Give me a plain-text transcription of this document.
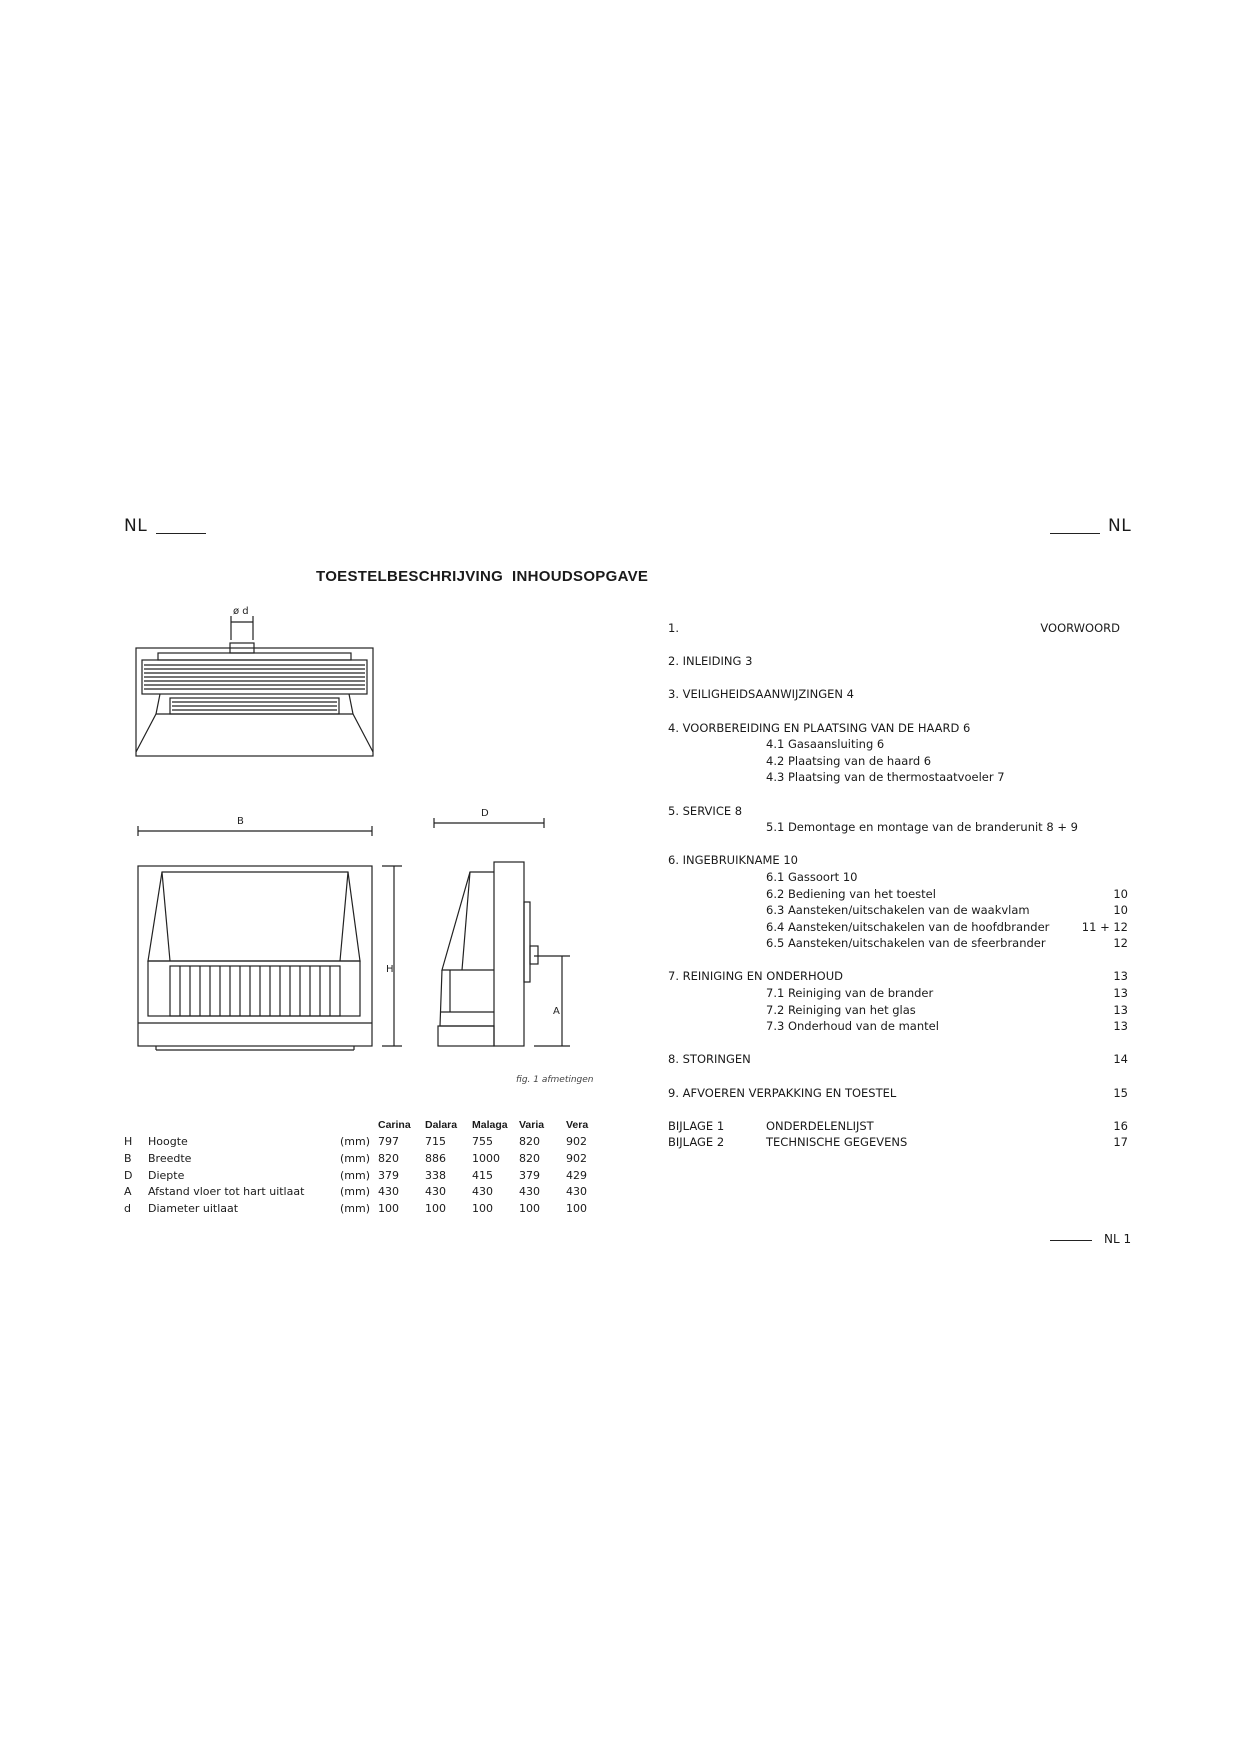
NL	NL
TOESTELBESCHRIJVING  INHOUDSOPGAVE
ø d
B
D
H
A
fig. 1 afmetingen
			Carina	Dalara	Malaga	Varia	Vera
H	Hoogte	(mm)	797	715	755	820	902
B	Breedte	(mm)	820	886	1000	820	902
D	Diepte	(mm)	379	338	415	379	429
A	Afstand vloer tot hart uitlaat	(mm)	430	430	430	430	430
d	Diameter uitlaat	(mm)	100	100	100	100	100
1.	VOORWOORD
2. INLEIDING 3
3. VEILIGHEIDSAANWIJZINGEN 4
4. VOORBEREIDING EN PLAATSING VAN DE HAARD 6
4.1 Gasaansluiting 6
4.2 Plaatsing van de haard 6
4.3 Plaatsing van de thermostaatvoeler 7
5. SERVICE 8
5.1 Demontage en montage van de branderunit 8 + 9
6. INGEBRUIKNAME 10
6.1 Gassoort 10
6.2 Bediening van het toestel	10
6.3 Aansteken/uitschakelen van de waakvlam	10
6.4 Aansteken/uitschakelen van de hoofdbrander	11 + 12
6.5 Aansteken/uitschakelen van de sfeerbrander	12
7. REINIGING EN ONDERHOUD	13
7.1 Reiniging van de brander	13
7.2 Reiniging van het glas	13
7.3 Onderhoud van de mantel	13
8. STORINGEN	14
9. AFVOEREN VERPAKKING EN TOESTEL	15
BIJLAGE 1	ONDERDELENLIJST	16
BIJLAGE 2	TECHNISCHE GEGEVENS	17
NL 1
